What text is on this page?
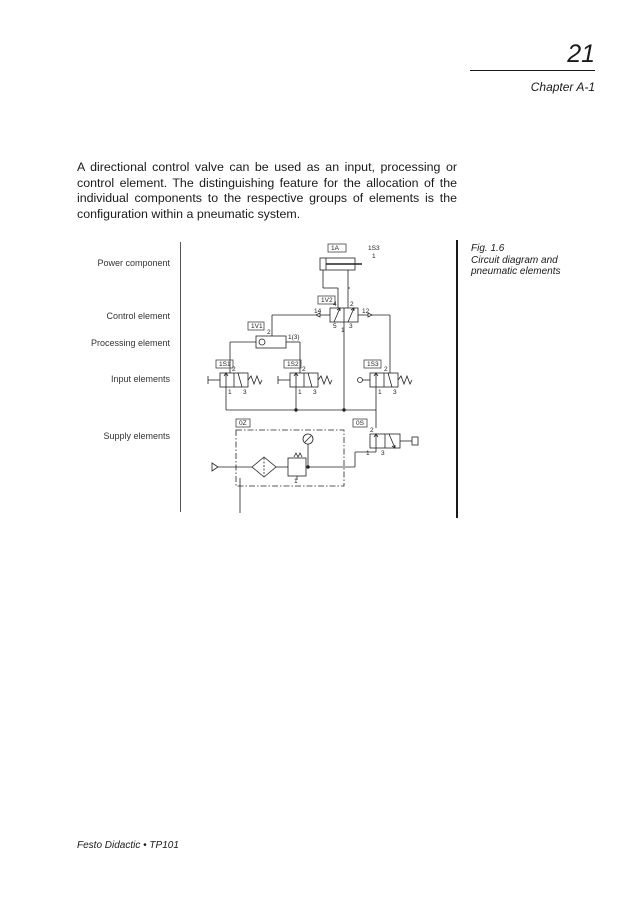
21
Chapter A-1

A directional control valve can be used as an input, processing or control element. The distinguishing feature for the allocation of the individual components to the respective groups of elements is the configuration within a pneumatic system.

Fig. 1.6
Circuit diagram and
pneumatic elements
Power component
Control element
Processing element
Input elements
Supply elements
1A	1S3
1
1V2
4 2
14	12
5
1
3
1V1
2
1(3)
1S1
2
1 3
1S2
2
1 3
1S3
2
1 3
0Z
1
0S
2
1 3
Festo Didactic • TP101
